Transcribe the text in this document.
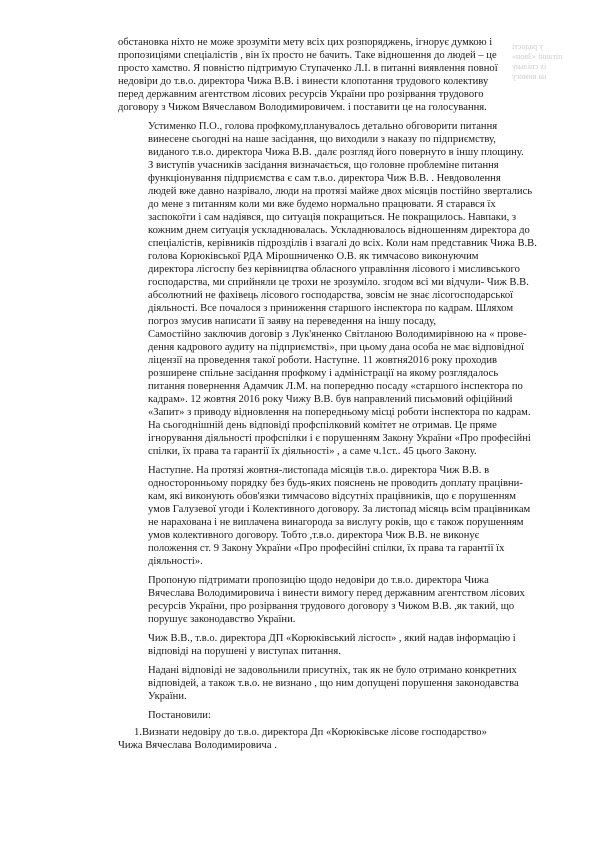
у радості
пітанні «Звон»
іх спільну
на вимогу
обстановка ніхто не може зрозуміти мету всіх цих розпоряджень, ігнорує думкою і
пропозиціями спеціалістів , він їх просто не бачить. Таке відношення до людей – це
просто хамство. Я повністю підтримую Ступаченко Л.І. в питанні виявлення повної
недовіри до т.в.о. директора Чижа В.В. і винести клопотання трудового колективу
перед державним агентством лісових ресурсів України про розірвання трудового
договору з Чижом Вячеславом Володимировичем. і поставити це на голосування.
Устименко П.О., голова профкому,планувалось детально обговорити питання
винесене сьогодні на наше засідання, що виходили з наказу по підприємству,
виданого т.в.о. директора Чижа В.В. ,далє розгляд його повернуто в іншу площину.
З виступів учасників засідання визначається, що головне проблеміне питання
функціонування підприємства є сам т.в.о. директора Чиж В.В. . Невдоволення
людей вже давно назрівало, люди на протязі майже двох місяців постійно звертались
до мене з питанням коли ми вже будемо нормально працювати. Я старався їх
заспокоїти і сам надіявся, що ситуація покращиться. Не покращилось. Навпаки, з
кожним днем ситуація ускладнювалась. Ускладнювалось відношенням директора до
спеціалістів, керівників підрозділів і взагалі до всіх. Коли нам представник Чижа В.В.
голова Корюківської РДА Мірошниченко О.В. як тимчасово виконуючим
директора лісгоспу без керівництва обласного управління лісового і мисливського
господарства, ми сприйняли це трохи не зрозуміло. згодом всі ми відчули- Чиж В.В.
абсолютний не фахівець лісового господарства, зовсім не знає лісогосподарської
діяльності. Все почалося з приниження старшого інспектора по кадрам. Шляхом
погроз змусив написати її заяву на переведення на іншу посаду,
Самостійно заключив договір з Лук'яненко Світланою Володимирівною на « прове-
дення кадрового аудиту на підприємстві», при цьому дана особа не має відповідної
ліцензії на проведення такої роботи. Наступне. 11 жовтня2016 року проходив
розширене спільне засідання профкому і адміністрації на якому розглядалось
питання повернення Адамчик Л.М. на попередню посаду «старшого інспектора по
кадрам». 12 жовтня 2016 року Чижу В.В. був направлений письмовий офіційний
«Запит» з приводу відновлення на попередньому місці роботи інспектора по кадрам.
На сьогоднішній день відповіді профспілковий комітет не отримав. Це пряме
ігнорування діяльності профспілки і є порушенням Закону України «Про професійні
спілки, їх права та гарантії їх діяльності» , а саме ч.1ст.. 45 цього Закону.
Наступне. На протязі жовтня-листопада місяців т.в.о. директора Чиж В.В. в
односторонньому порядку без будь-яких пояснень не проводить доплату працівни-
кам, які виконують обов'язки тимчасово відсутніх працівників, що є порушенням
умов Галузевої угоди і Колективного договору. За листопад місяць всім працівникам
не нарахована і не виплачена винагорода за вислугу років, що є також порушенням
умов колективного договору. Тобто ,т.в.о. директора Чиж В.В. не виконує
положення ст. 9 Закону України «Про професійні спілки, їх права та гарантії їх
діяльності».
Пропоную підтримати пропозицію щодо недовіри до т.в.о. директора Чижа
Вячеслава Володимировича і винести вимогу перед державним агентством лісових
ресурсів України, про розірвання трудового договору з Чижом В.В. ,як такий, що
порушує законодавство України.
Чиж В.В., т.в.о. директора ДП «Корюківський лісгосп» , який надав інформацію і
відповіді на порушені у виступах питання.
Надані відповіді не задовольнили присутніх, так як не було отримано конкретних
відповідей, а також т.в.о. не визнано , що ним допущені порушення законодавства
України.
Постановили:
1.Визнати недовіру до т.в.о. директора Дп «Корюківське лісове господарство»
Чижа Вячеслава Володимировича .
